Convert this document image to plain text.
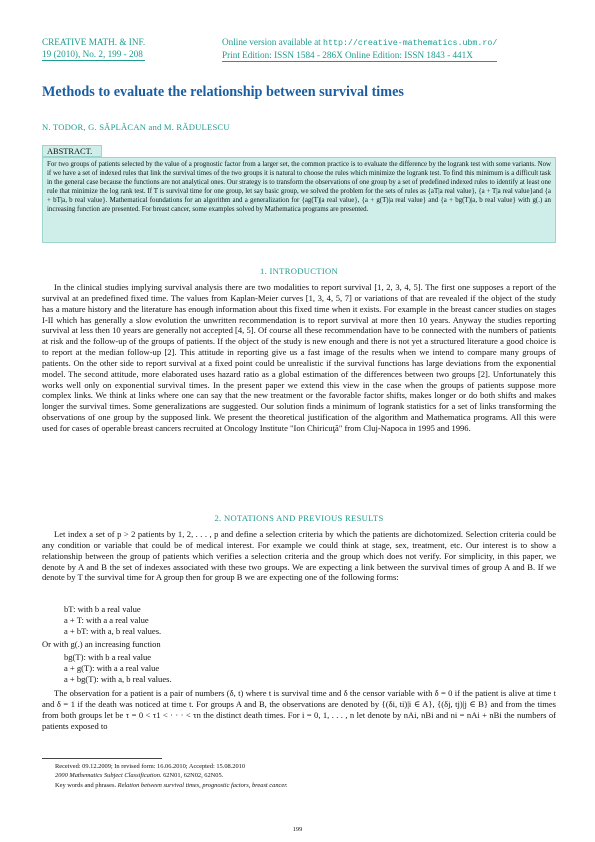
CREATIVE MATH. & INF.
19 (2010), No. 2, 199 - 208
Online version available at http://creative-mathematics.ubm.ro/
Print Edition: ISSN 1584 - 286X Online Edition: ISSN 1843 - 441X
Methods to evaluate the relationship between survival times
N. TODOR, G. SĂPLĂCAN and M. RĂDULESCU
ABSTRACT.
For two groups of patients selected by the value of a prognostic factor from a larger set, the common practice is to evaluate the difference by the logrank test with some variants. Now if we have a set of indexed rules that link the survival times of the two groups it is natural to choose the rules which minimize the logrank test. To find this minimum is a difficult task in the general case because the functions are not analytical ones. Our strategy is to transform the observations of one group by a set of predefined indexed rules to identify at least one rule that minimize the log rank test. If T is survival time for one group, let say basic group, we solved the problem for the sets of rules as {aT|a real value}, {a + T|a real value}and {a + bT|a, b real value}. Mathematical foundations for an algorithm and a generalization for {ag(T)|a real value}, {a + g(T)|a real value} and {a + bg(T)|a, b real value} with g(.) an increasing function are presented. For breast cancer, some examples solved by Mathematica programs are presented.
1. INTRODUCTION
In the clinical studies implying survival analysis there are two modalities to report survival [1, 2, 3, 4, 5]. The first one supposes a report of the survival at an predefined fixed time. The values from Kaplan-Meier curves [1, 3, 4, 5, 7] or variations of that are revealed if the object of the study has a mature history and the literature has enough information about this fixed time when it exists. For example in the breast cancer studies on stages I-II which has generally a slow evolution the unwritten recommendation is to report survival at more then 10 years. Anyway the studies reporting survival at less then 10 years are generally not accepted [4, 5]. Of course all these recommendation have to be connected with the numbers of patients at risk and the follow-up of the groups of patients. If the object of the study is new enough and there is not yet a structured literature a good choice is to report at the median follow-up [2]. This attitude in reporting give us a fast image of the results when we intend to compare many groups of patients. On the other side to report survival at a fixed point could be unrealistic if the survival functions has large deviations from the exponential model. The second attitude, more elaborated uses hazard ratio as a global estimation of the differences between two groups [2]. Unfortunately this works well only on exponential survival times. In the present paper we extend this view in the case when the groups of patients suppose more complex links. We think at links where one can say that the new treatment or the favorable factor shifts, makes longer or do both shifts and makes longer the survival times. Some generalizations are suggested. Our solution finds a minimum of logrank statistics for a set of links transforming the observations of one group by the supposed link. We present the theoretical justification of the algorithm and Mathematica programs. All this were used for cases of operable breast cancers recruited at Oncology Institute "Ion Chiricuţă" from Cluj-Napoca in 1995 and 1996.
2. NOTATIONS AND PREVIOUS RESULTS
Let index a set of p > 2 patients by 1, 2, . . . , p and define a selection criteria by which the patients are dichotomized. Selection criteria could be any condition or variable that could be of medical interest. For example we could think at stage, sex, treatment, etc. Our interest is to show a relationship between the group of patients which verifies a selection criteria and the group which does not verify. For simplicity, in this paper, we denote by A and B the set of indexes associated with these two groups. We are expecting a link between the survival times of group A and B. If we denote by T the survival time for A group then for group B we are expecting one of the following forms:
bT: with b a real value
a + T: with a a real value
a + bT: with a, b real values.
Or with g(.) an increasing function
bg(T): with b a real value
a + g(T): with a a real value
a + bg(T): with a, b real values.
The observation for a patient is a pair of numbers (δ, t) where t is survival time and δ the censor variable with δ = 0 if the patient is alive at time t and δ = 1 if the death was noticed at time t. For groups A and B, the observations are denoted by {(δi, ti)|i ∈ A}, {(δj, tj)|j ∈ B} and from the times from both groups let be τ = 0 < τ1 < · · · < τn the distinct death times. For i = 0, 1, . . . , n let denote by nAi, nBi and ni = nAi + nBi the numbers of patients exposed to
Received: 09.12.2009; In revised form: 16.06.2010; Accepted: 15.08.2010
2000 Mathematics Subject Classification. 62N01, 62N02, 62N05.
Key words and phrases. Relation between survival times, prognostic factors, breast cancer.
199
